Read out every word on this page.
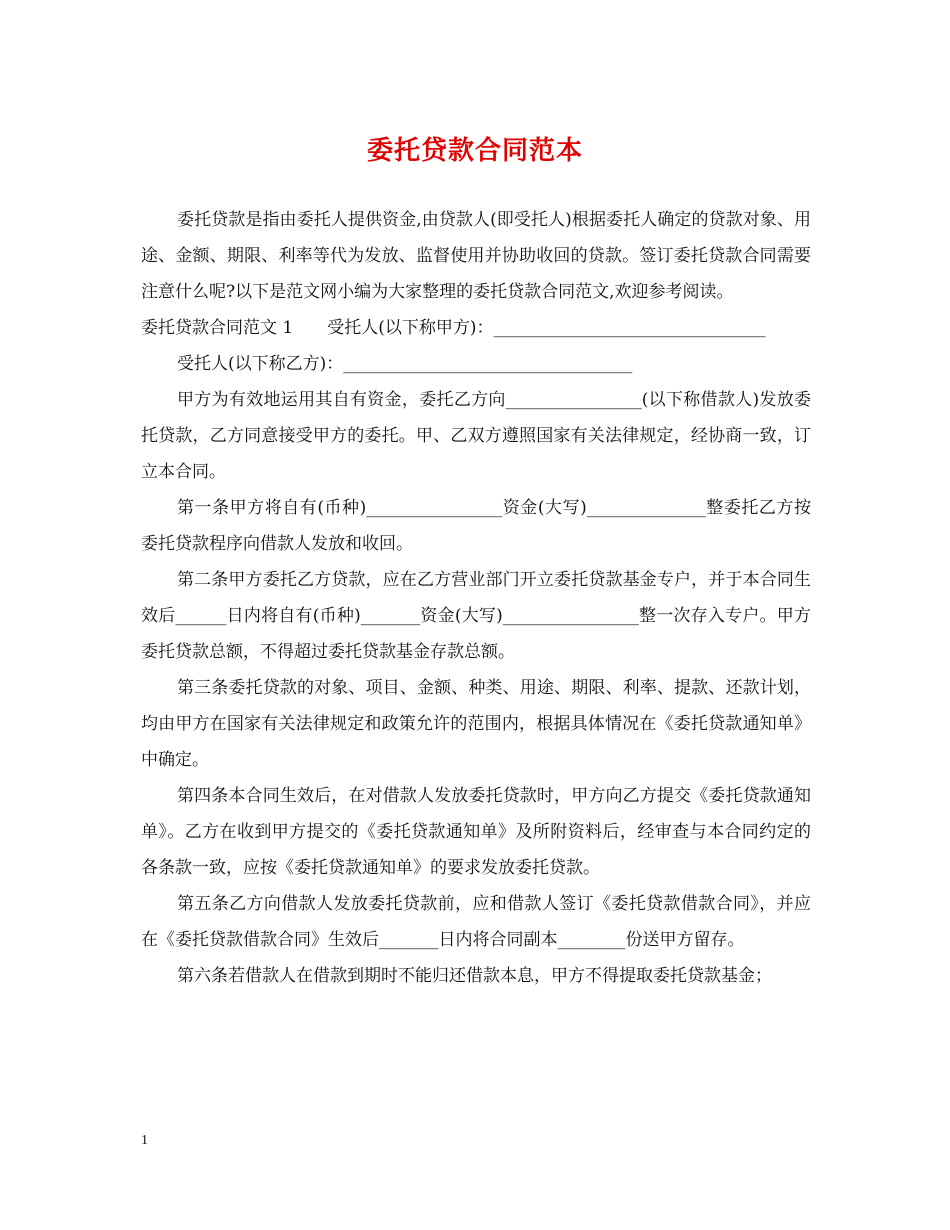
委托贷款合同范本

委托贷款是指由委托人提供资金,由贷款人(即受托人)根据委托人确定的贷款对象、用途、金额、期限、利率等代为发放、监督使用并协助收回的贷款。签订委托贷款合同需要注意什么呢?以下是范文网小编为大家整理的委托贷款合同范文,欢迎参考阅读。

委托贷款合同范文 1　　受托人(以下称甲方)：________________________________

受托人(以下称乙方)：__________________________________

甲方为有效地运用其自有资金，委托乙方向________________(以下称借款人)发放委托贷款，乙方同意接受甲方的委托。甲、乙双方遵照国家有关法律规定，经协商一致，订立本合同。

第一条甲方将自有(币种)________________资金(大写)______________整委托乙方按委托贷款程序向借款人发放和收回。

第二条甲方委托乙方贷款，应在乙方营业部门开立委托贷款基金专户，并于本合同生效后______日内将自有(币种)_______资金(大写)________________整一次存入专户。甲方委托贷款总额，不得超过委托贷款基金存款总额。

第三条委托贷款的对象、项目、金额、种类、用途、期限、利率、提款、还款计划，均由甲方在国家有关法律规定和政策允许的范围内，根据具体情况在《委托贷款通知单》中确定。

第四条本合同生效后，在对借款人发放委托贷款时，甲方向乙方提交《委托贷款通知单》。乙方在收到甲方提交的《委托贷款通知单》及所附资料后，经审查与本合同约定的各条款一致，应按《委托贷款通知单》的要求发放委托贷款。

第五条乙方向借款人发放委托贷款前，应和借款人签订《委托贷款借款合同》，并应在《委托贷款借款合同》生效后_______日内将合同副本________份送甲方留存。

第六条若借款人在借款到期时不能归还借款本息，甲方不得提取委托贷款基金；

1
